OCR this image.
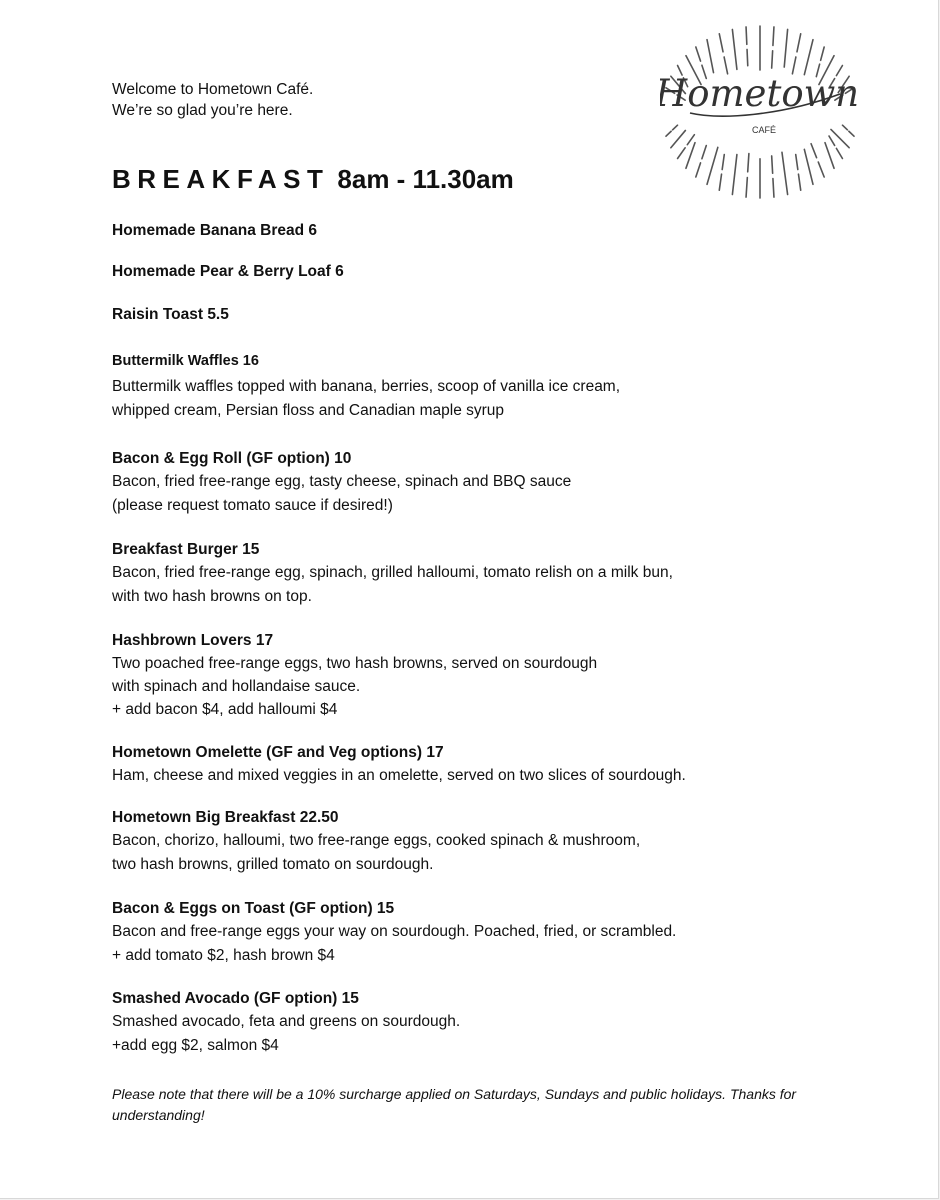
Welcome to Hometown Café.
We’re so glad you’re here.	Hometown
CAFÉ
BREAKFAST 8am - 11.30am
Homemade Banana Bread 6
Homemade Pear & Berry Loaf 6
Raisin Toast 5.5
Buttermilk Waffles 16
Buttermilk waffles topped with banana, berries, scoop of vanilla ice cream,
whipped cream, Persian floss and Canadian maple syrup
Bacon & Egg Roll (GF option) 10
Bacon, fried free-range egg, tasty cheese, spinach and BBQ sauce
(please request tomato sauce if desired!)
Breakfast Burger 15
Bacon, fried free-range egg, spinach, grilled halloumi, tomato relish on a milk bun,
with two hash browns on top.
Hashbrown Lovers 17
Two poached free-range eggs, two hash browns, served on sourdough
with spinach and hollandaise sauce.
+ add bacon $4, add halloumi $4
Hometown Omelette (GF and Veg options) 17
Ham, cheese and mixed veggies in an omelette, served on two slices of sourdough.
Hometown Big Breakfast 22.50
Bacon, chorizo, halloumi, two free-range eggs, cooked spinach & mushroom,
two hash browns, grilled tomato on sourdough.
Bacon & Eggs on Toast (GF option) 15
Bacon and free-range eggs your way on sourdough. Poached, fried, or scrambled.
+ add tomato $2, hash brown $4
Smashed Avocado (GF option) 15
Smashed avocado, feta and greens on sourdough.
+add egg $2, salmon $4
Please note that there will be a 10% surcharge applied on Saturdays, Sundays and public holidays. Thanks for understanding!
